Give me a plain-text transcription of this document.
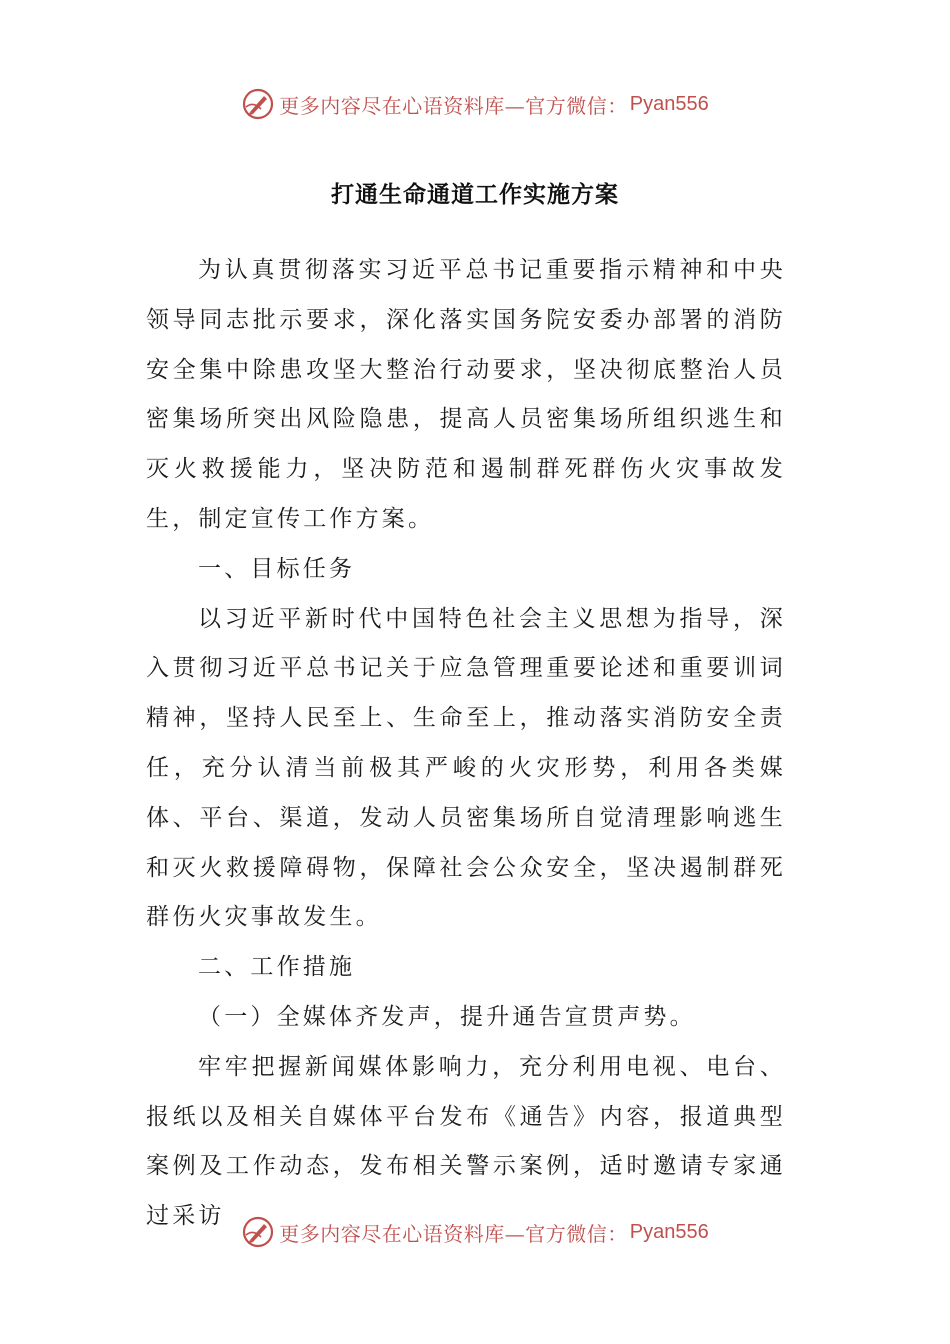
更多内容尽在心语资料库—官方微信： Pyan556
打通生命通道工作实施方案

为认真贯彻落实习近平总书记重要指示精神和中央领导同志批示要求，深化落实国务院安委办部署的消防安全集中除患攻坚大整治行动要求，坚决彻底整治人员密集场所突出风险隐患，提高人员密集场所组织逃生和灭火救援能力，坚决防范和遏制群死群伤火灾事故发生，制定宣传工作方案。

一、目标任务

以习近平新时代中国特色社会主义思想为指导，深入贯彻习近平总书记关于应急管理重要论述和重要训词精神，坚持人民至上、生命至上，推动落实消防安全责任，充分认清当前极其严峻的火灾形势，利用各类媒体、平台、渠道，发动人员密集场所自觉清理影响逃生和灭火救援障碍物，保障社会公众安全，坚决遏制群死群伤火灾事故发生。

二、工作措施

（一）全媒体齐发声，提升通告宣贯声势。

牢牢把握新闻媒体影响力，充分利用电视、电台、报纸以及相关自媒体平台发布《通告》内容，报道典型案例及工作动态，发布相关警示案例，适时邀请专家通过采访

更多内容尽在心语资料库—官方微信： Pyan556
